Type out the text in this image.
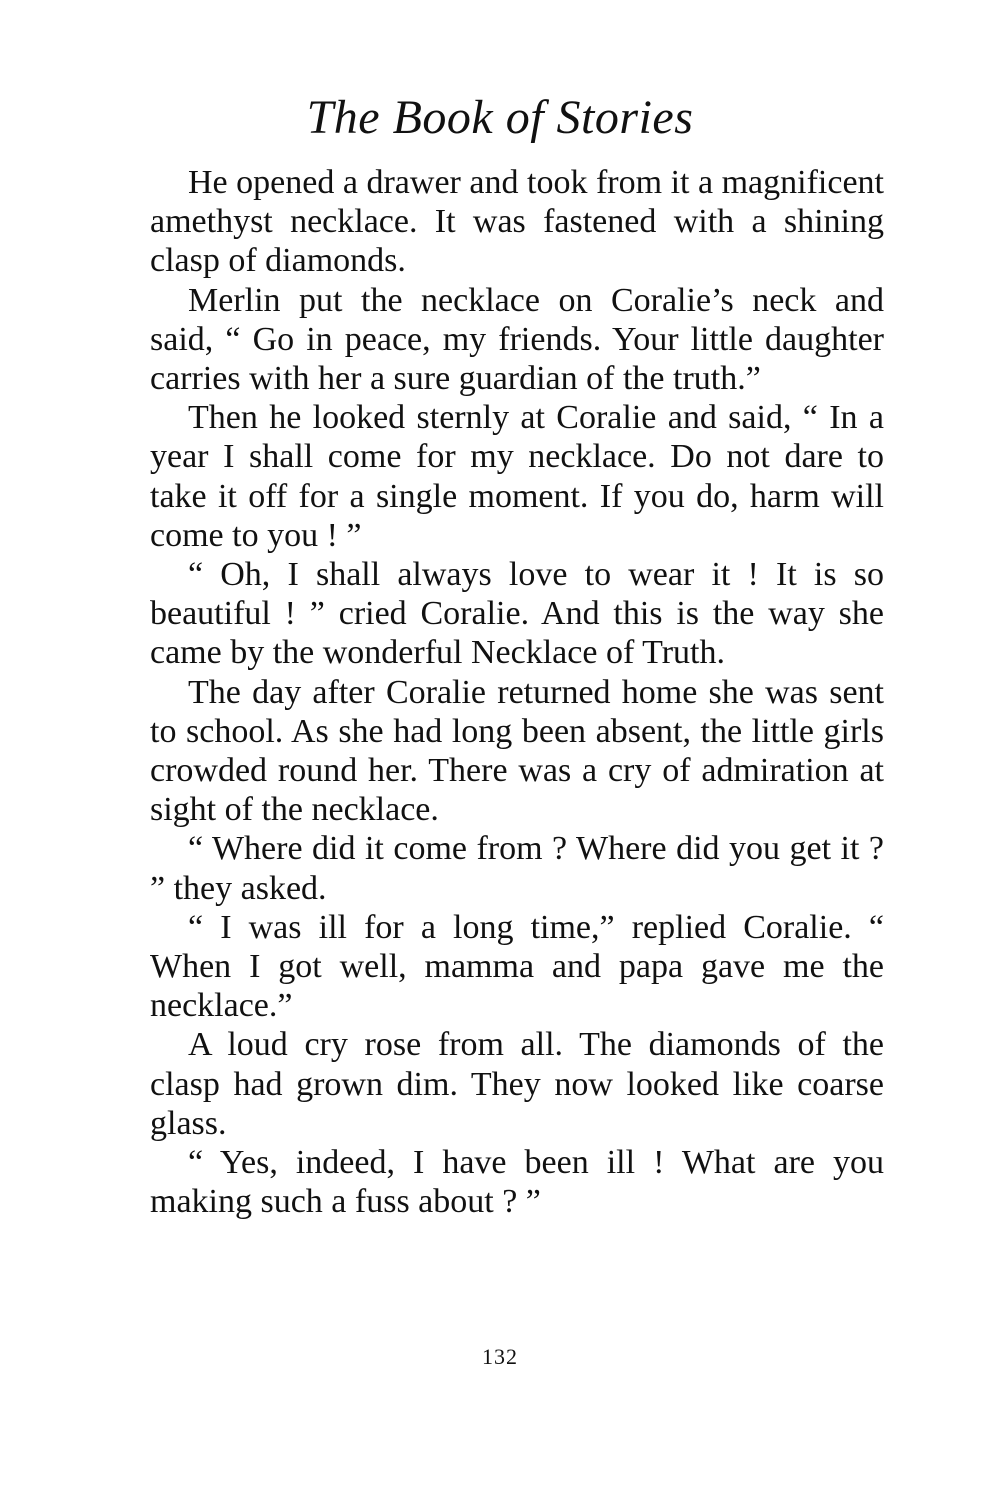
The Book of Stories

He opened a drawer and took from it a magnificent amethyst necklace. It was fastened with a shining clasp of diamonds.

Merlin put the necklace on Coralie’s neck and said, “ Go in peace, my friends. Your little daughter carries with her a sure guardian of the truth.”

Then he looked sternly at Coralie and said, “ In a year I shall come for my necklace. Do not dare to take it off for a single moment. If you do, harm will come to you ! ”

“ Oh, I shall always love to wear it ! It is so beautiful ! ” cried Coralie. And this is the way she came by the wonderful Necklace of Truth.

The day after Coralie returned home she was sent to school. As she had long been absent, the little girls crowded round her. There was a cry of admiration at sight of the necklace.

“ Where did it come from ? Where did you get it ? ” they asked.

“ I was ill for a long time,” replied Coralie. “ When I got well, mamma and papa gave me the necklace.”

A loud cry rose from all. The diamonds of the clasp had grown dim. They now looked like coarse glass.

“ Yes, indeed, I have been ill ! What are you making such a fuss about ? ”

132
